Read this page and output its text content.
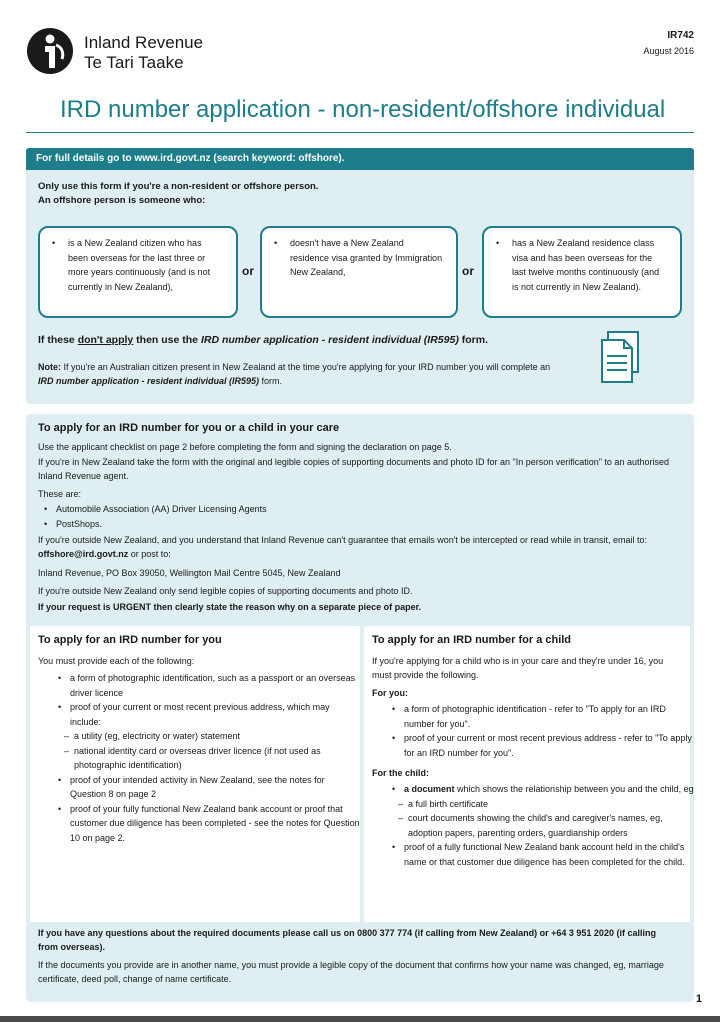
Inland Revenue
Te Tari Taake
IR742
August 2016
IRD number application - non-resident/offshore individual
For full details go to www.ird.govt.nz (search keyword: offshore).
Only use this form if you're a non-resident or offshore person.
An offshore person is someone who:
• is a New Zealand citizen who has been overseas for the last three or more years continuously (and is not currently in New Zealand),
or
• doesn't have a New Zealand residence visa granted by Immigration New Zealand,	or
• has a New Zealand residence class visa and has been overseas for the last twelve months continuously (and is not currently in New Zealand).
If these don't apply then use the IRD number application - resident individual (IR595) form.
Note: If you're an Australian citizen present in New Zealand at the time you're applying for your IRD number you will complete an IRD number application - resident individual (IR595) form.
To apply for an IRD number for you or a child in your care
Use the applicant checklist on page 2 before completing the form and signing the declaration on page 5.
If you're in New Zealand take the form with the original and legible copies of supporting documents and photo ID for an "In person verification" to an authorised Inland Revenue agent.
These are:
• Automobile Association (AA) Driver Licensing Agents
• PostShops.
If you're outside New Zealand, and you understand that Inland Revenue can't guarantee that emails won't be intercepted or read while in transit, email to: offshore@ird.govt.nz or post to:
Inland Revenue, PO Box 39050, Wellington Mail Centre 5045, New Zealand
If you're outside New Zealand only send legible copies of supporting documents and photo ID.
If your request is URGENT then clearly state the reason why on a separate piece of paper.
To apply for an IRD number for you
You must provide each of the following:
• a form of photographic identification, such as a passport or an overseas driver licence
• proof of your current or most recent previous address, which may include:
– a utility (eg, electricity or water) statement
– national identity card or overseas driver licence (if not used as photographic identification)
• proof of your intended activity in New Zealand, see the notes for Question 8 on page 2
• proof of your fully functional New Zealand bank account or proof that customer due diligence has been completed - see the notes for Question 10 on page 2.
To apply for an IRD number for a child
If you're applying for a child who is in your care and they're under 16, you must provide the following.
For you:
• a form of photographic identification - refer to "To apply for an IRD number for you".
• proof of your current or most recent previous address - refer to "To apply for an IRD number for you".
For the child:
• a document which shows the relationship between you and the child, eg
– a full birth certificate
– court documents showing the child's and caregiver's names, eg, adoption papers, parenting orders, guardianship orders
• proof of a fully functional New Zealand bank account held in the child's name or that customer due diligence has been completed for the child.
If you have any questions about the required documents please call us on 0800 377 774 (if calling from New Zealand) or +64 3 951 2020 (if calling from overseas).
If the documents you provide are in another name, you must provide a legible copy of the document that confirms how your name was changed, eg, marriage certificate, deed poll, change of name certificate.
1
